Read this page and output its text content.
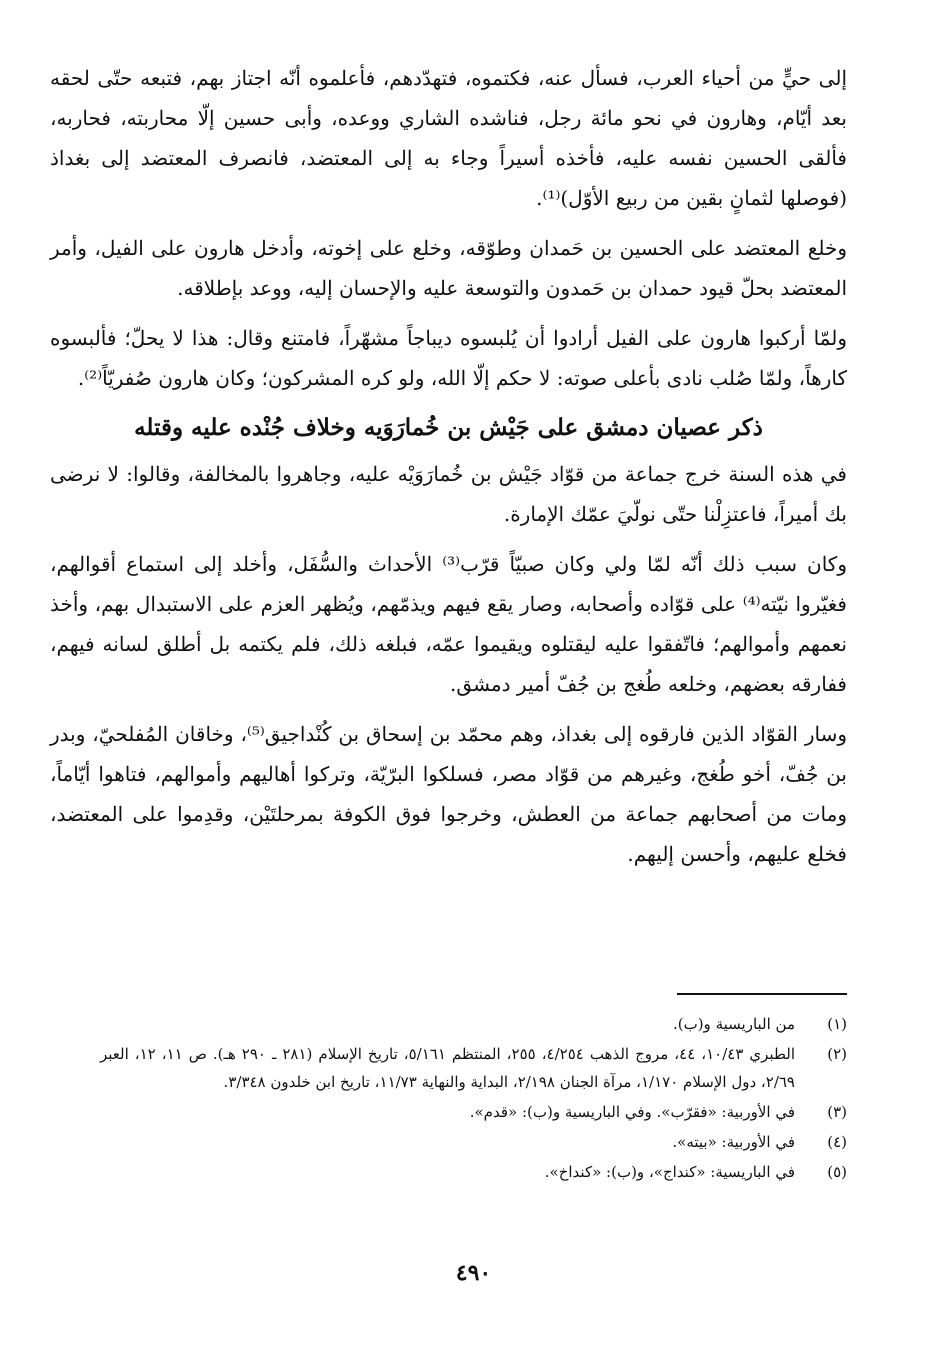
إلى حيٍّ من أحياء العرب، فسأل عنه، فكتموه، فتهدّدهم، فأعلموه أنّه اجتاز بهم، فتبعه حتّى لحقه بعد أيّام، وهارون في نحو مائة رجل، فناشده الشاري ووعده، وأبى حسين إلّا محاربته، فحاربه، فألقى الحسين نفسه عليه، فأخذه أسيراً وجاء به إلى المعتضد، فانصرف المعتضد إلى بغداذ (فوصلها لثمانٍ بقين من ربيع الأوّل)⁽¹⁾.

وخلع المعتضد على الحسين بن حَمدان وطوّقه، وخلع على إخوته، وأدخل هارون على الفيل، وأمر المعتضد بحلّ قيود حمدان بن حَمدون والتوسعة عليه والإحسان إليه، ووعد بإطلاقه.

ولمّا أركبوا هارون على الفيل أرادوا أن يُلبسوه ديباجاً مشهّراً، فامتنع وقال: هذا لا يحلّ؛ فألبسوه كارهاً، ولمّا صُلب نادى بأعلى صوته: لا حكم إلّا الله، ولو كره المشركون؛ وكان هارون صُفريّاً⁽²⁾.

ذكر عصيان دمشق على جَيْش بن خُمارَوَيه وخلاف جُنْده عليه وقتله

في هذه السنة خرج جماعة من قوّاد جَيْش بن خُمارَوَيْه عليه، وجاهروا بالمخالفة، وقالوا: لا نرضى بك أميراً، فاعتزِلْنا حتّى نولّيَ عمّك الإمارة.

وكان سبب ذلك أنّه لمّا ولي وكان صبيّاً قرّب⁽³⁾ الأحداث والسُّفَل، وأخلد إلى استماع أقوالهم، فغيّروا نيّته⁽⁴⁾ على قوّاده وأصحابه، وصار يقع فيهم ويذمّهم، ويُظهر العزم على الاستبدال بهم، وأخذ نعمهم وأموالهم؛ فاتّفقوا عليه ليقتلوه ويقيموا عمّه، فبلغه ذلك، فلم يكتمه بل أطلق لسانه فيهم، ففارقه بعضهم، وخلعه طُغج بن جُفّ أمير دمشق.

وسار القوّاد الذين فارقوه إلى بغداذ، وهم محمّد بن إسحاق بن كُنْداجيق⁽⁵⁾، وخاقان المُفلحيّ، وبدر بن جُفّ، أخو طُغج، وغيرهم من قوّاد مصر، فسلكوا البرّيّة، وتركوا أهاليهم وأموالهم، فتاهوا أيّاماً، ومات من أصحابهم جماعة من العطش، وخرجوا فوق الكوفة بمرحلتَيْن، وقدِموا على المعتضد، فخلع عليهم، وأحسن إليهم.

(١)
من الباريسية و(ب).
(٢)
الطبري ١٠/٤٣، ٤٤، مروج الذهب ٤/٢٥٤، ٢٥٥، المنتظم ٥/١٦١، تاريخ الإسلام (٢٨١ ـ ٢٩٠ هـ). ص ١١، ١٢، العبر ٢/٦٩، دول الإسلام ١/١٧٠، مرآة الجنان ٢/١٩٨، البداية والنهاية ١١/٧٣، تاريخ ابن خلدون ٣/٣٤٨.
(٣)
في الأوربية: «فقرّب». وفي الباريسية و(ب): «قدم».
(٤)
في الأوربية: «بيته».
(٥)
في الباريسية: «كنداج»، و(ب): «كنداخ».
٤٩٠
